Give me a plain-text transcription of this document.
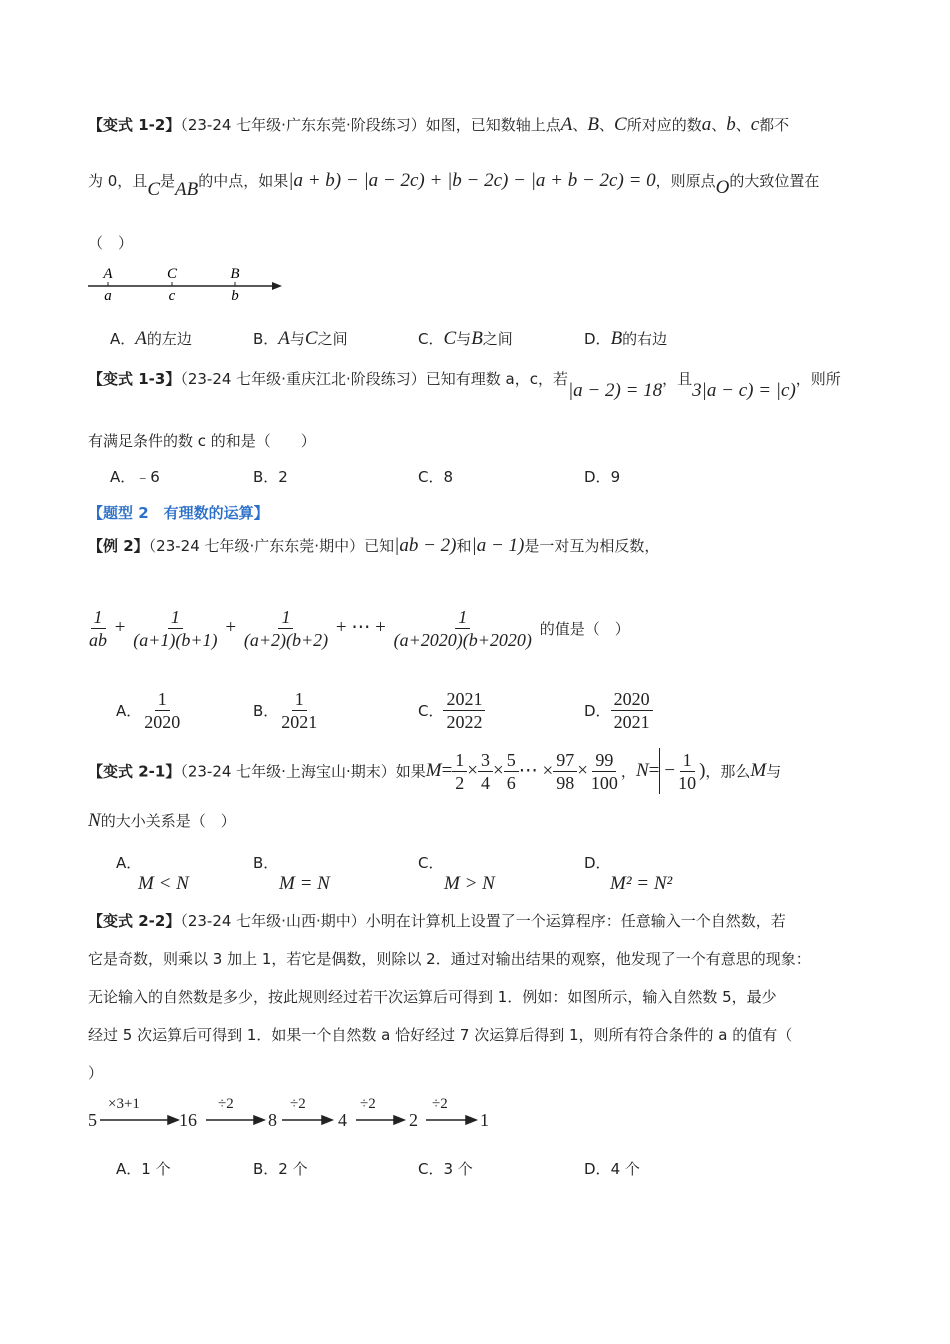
【变式 1-2】（23-24 七年级·广东东莞·阶段练习）如图，已知数轴上点A、B、C所对应的数a、b、c都不
为 0，且C是AB的中点，如果|a + b) − |a − 2c) + |b − 2c) − |a + b − 2c) = 0，则原点O的大致位置在
（　）
A	C	B
a	c	b
A．A的左边	B．A与C之间	C．C与B之间	D．B的右边
【变式 1-3】（23-24 七年级·重庆江北·阶段练习）已知有理数 a，c，若|a − 2) = 18，且3|a − c) = |c)，则所
有满足条件的数 c 的和是（　　）
A．﹣6	B．2	C．8	D．9
【题型 2　有理数的运算】
【例 2】（23-24 七年级·广东东莞·期中）已知|ab − 2)和|a − 1)是一对互为相反数，
$\frac{1}{ab} + \frac{1}{(a+1)(b+1)} + \frac{1}{(a+2)(b+2)}$ + ⋯ + $\frac{1}{(a+2020)(b+2020)}$ 的值是（　）
A． $\frac{1}{2020}$	B． $\frac{1}{2021}$	C． $\frac{2021}{2022}$	D． $\frac{2020}{2021}$
【变式 2-1】（23-24 七年级·上海宝山·期末）如果$M= \frac{1}{2} \times \frac{3}{4} \times \frac{5}{6}$ ⋯ × $\frac{97}{98} \times \frac{99}{100}$ ，$N= - \frac{1}{10}$ )，那么M与
N的大小关系是（　）
A．
M < N
B．
M = N
C．
M > N
D．
M² = N²
【变式 2-2】（23-24 七年级·山西·期中）小明在计算机上设置了一个运算程序：任意输入一个自然数，若
它是奇数，则乘以 3 加上 1，若它是偶数，则除以 2．通过对输出结果的观察，他发现了一个有意思的现象：
无论输入的自然数是多少，按此规则经过若干次运算后可得到 1．例如：如图所示，输入自然数 5，最少
经过 5 次运算后可得到 1．如果一个自然数 a 恰好经过 7 次运算后得到 1，则所有符合条件的 a 的值有（
）
5	16	8	4	2	1
×3+1	÷2	÷2	÷2	÷2
A．1 个	B．2 个	C．3 个	D．4 个
